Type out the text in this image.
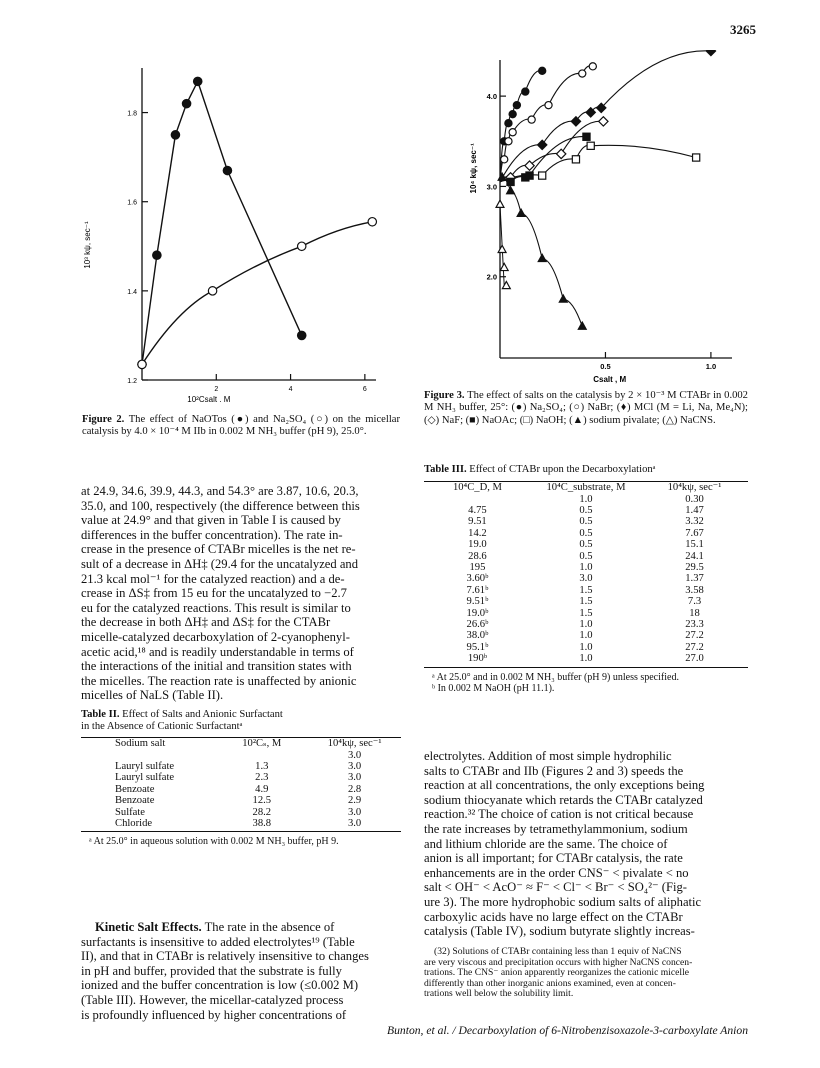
3265
1.2
1.4
1.6
1.8
2	4	6
10³ kψ, sec⁻¹
10²Csalt , M
Figure 2. The effect of NaOTos (●) and Na₂SO₄ (○) on the micellar catalysis by 4.0 × 10⁻⁴ M IIb in 0.002 M NH₃ buffer (pH 9), 25.0°.
2.0
3.0
4.0
0.5	1.0
10⁴ kψ, sec⁻¹
Csalt , M
Figure 3. The effect of salts on the catalysis by 2 × 10⁻³ M CTABr in 0.002 M NH₃ buffer, 25°: (●) Na₂SO₄; (○) NaBr; (♦) MCl (M = Li, Na, Me₄N); (◇) NaF; (■) NaOAc; (□) NaOH; (▲) sodium pivalate; (△) NaCNS.
at 24.9, 34.6, 39.9, 44.3, and 54.3° are 3.87, 10.6, 20.3,
35.0, and 100, respectively (the difference between this
value at 24.9° and that given in Table I is caused by
differences in the buffer concentration). The rate in-
crease in the presence of CTABr micelles is the net re-
sult of a decrease in ΔH‡ (29.4 for the uncatalyzed and
21.3 kcal mol⁻¹ for the catalyzed reaction) and a de-
crease in ΔS‡ from 15 eu for the uncatalyzed to −2.7
eu for the catalyzed reactions. This result is similar to
the decrease in both ΔH‡ and ΔS‡ for the CTABr
micelle-catalyzed decarboxylation of 2-cyanophenyl-
acetic acid,¹⁸ and is readily understandable in terms of
the interactions of the initial and transition states with
the micelles. The reaction rate is unaffected by anionic
micelles of NaLS (Table II).
Table II. Effect of Salts and Anionic Surfactant
in the Absence of Cationic Surfactantᵃ
Sodium salt	10²Cₛ, M	10⁴kψ, sec⁻¹
		3.0
Lauryl sulfate	1.3	3.0
Lauryl sulfate	2.3	3.0
Benzoate	4.9	2.8
Benzoate	12.5	2.9
Sulfate	28.2	3.0
Chloride	38.8	3.0
ᵃ At 25.0° in aqueous solution with 0.002 M NH₃ buffer, pH 9.

Kinetic Salt Effects. The rate in the absence of

surfactants is insensitive to added electrolytes¹⁹ (Table
II), and that in CTABr is relatively insensitive to changes
in pH and buffer, provided that the substrate is fully
ionized and the buffer concentration is low (≤0.002 M)
(Table III). However, the micellar-catalyzed process
is profoundly influenced by higher concentrations of
Table III. Effect of CTABr upon the Decarboxylationᵃ
10⁴C_D, M	10⁴C_substrate, M	10⁴kψ, sec⁻¹
	1.0	0.30
4.75	0.5	1.47
9.51	0.5	3.32
14.2	0.5	7.67
19.0	0.5	15.1
28.6	0.5	24.1
195	1.0	29.5
3.60ᵇ	3.0	1.37
7.61ᵇ	1.5	3.58
9.51ᵇ	1.5	7.3
19.0ᵇ	1.5	18
26.6ᵇ	1.0	23.3
38.0ᵇ	1.0	27.2
95.1ᵇ	1.0	27.2
190ᵇ	1.0	27.0
ᵃ At 25.0° and in 0.002 M NH₃ buffer (pH 9) unless specified.
ᵇ In 0.002 M NaOH (pH 11.1).
electrolytes. Addition of most simple hydrophilic
salts to CTABr and IIb (Figures 2 and 3) speeds the
reaction at all concentrations, the only exceptions being
sodium thiocyanate which retards the CTABr catalyzed
reaction.³² The choice of cation is not critical because
the rate increases by tetramethylammonium, sodium
and lithium chloride are the same. The choice of
anion is all important; for CTABr catalysis, the rate
enhancements are in the order CNS⁻ < pivalate < no
salt < OH⁻ < AcO⁻ ≈ F⁻ < Cl⁻ < Br⁻ < SO₄²⁻ (Fig-
ure 3). The more hydrophobic sodium salts of aliphatic
carboxylic acids have no large effect on the CTABr
catalysis (Table IV), sodium butyrate slightly increas-
(32) Solutions of CTABr containing less than 1 equiv of NaCNS
are very viscous and precipitation occurs with higher NaCNS concen-
trations. The CNS⁻ anion apparently reorganizes the cationic micelle
differently than other inorganic anions examined, even at concen-
trations well below the solubility limit.
Bunton, et al. / Decarboxylation of 6-Nitrobenzisoxazole-3-carboxylate Anion
